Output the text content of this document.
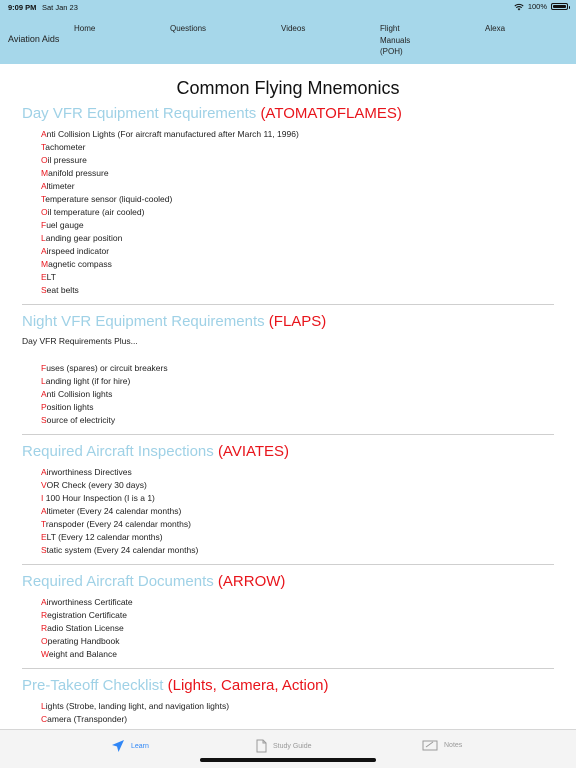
9:09 PM Sat Jan 23	100%
Aviation Aids
Home	Questions	Videos	Flight
Manuals
(POH)
Alexa
Common Flying Mnemonics
Day VFR Equipment Requirements (ATOMATOFLAMES)
Anti Collision Lights (For aircraft manufactured after March 11, 1996)
Tachometer
Oil pressure
Manifold pressure
Altimeter
Temperature sensor (liquid-cooled)
Oil temperature (air cooled)
Fuel gauge
Landing gear position
Airspeed indicator
Magnetic compass
ELT
Seat belts
Night VFR Equipment Requirements (FLAPS)
Day VFR Requirements Plus...
Fuses (spares) or circuit breakers
Landing light (if for hire)
Anti Collision lights
Position lights
Source of electricity
Required Aircraft Inspections (AVIATES)
Airworthiness Directives
VOR Check (every 30 days)
I 100 Hour Inspection (I is a 1)
Altimeter (Every 24 calendar months)
Transpoder (Every 24 calendar months)
ELT (Every 12 calendar months)
Static system (Every 24 calendar months)
Required Aircraft Documents (ARROW)
Airworthiness Certificate
Registration Certificate
Radio Station License
Operating Handbook
Weight and Balance
Pre-Takeoff Checklist (Lights, Camera, Action)
Lights (Strobe, landing light, and navigation lights)
Camera (Transponder)
Learn	Study Guide	Notes
